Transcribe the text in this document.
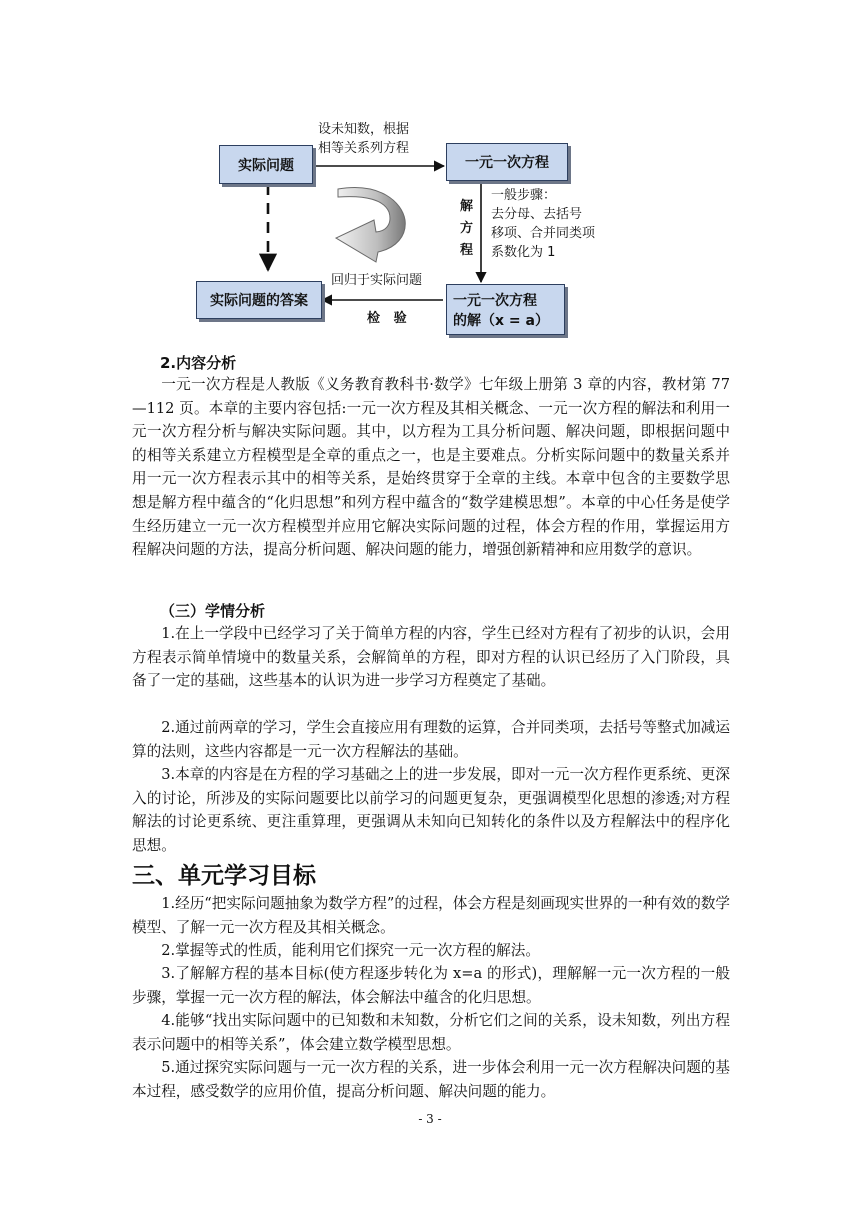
实际问题	一元一次方程
实际问题的答案	一元一次方程
的解（x = a）
设未知数，根据
相等关系列方程
解
方
程
一般步骤：
去分母、去括号
移项、合并同类项
系数化为 1
回归于实际问题
检   验
2.内容分析

一元一次方程是人教版《义务教育教科书·数学》七年级上册第 3 章的内容，教材第 77—112 页。本章的主要内容包括:一元一次方程及其相关概念、一元一次方程的解法和利用一元一次方程分析与解决实际问题。其中，以方程为工具分析问题、解决问题，即根据问题中的相等关系建立方程模型是全章的重点之一，也是主要难点。分析实际问题中的数量关系并用一元一次方程表示其中的相等关系，是始终贯穿于全章的主线。本章中包含的主要数学思想是解方程中蕴含的“化归思想”和列方程中蕴含的“数学建模思想”。本章的中心任务是使学生经历建立一元一次方程模型并应用它解决实际问题的过程，体会方程的作用，掌握运用方程解决问题的方法，提高分析问题、解决问题的能力，增强创新精神和应用数学的意识。

（三）学情分析

1.在上一学段中已经学习了关于简单方程的内容，学生已经对方程有了初步的认识，会用方程表示简单情境中的数量关系，会解简单的方程，即对方程的认识已经历了入门阶段，具备了一定的基础，这些基本的认识为进一步学习方程奠定了基础。

2.通过前两章的学习，学生会直接应用有理数的运算，合并同类项，去括号等整式加减运算的法则，这些内容都是一元一次方程解法的基础。

3.本章的内容是在方程的学习基础之上的进一步发展，即对一元一次方程作更系统、更深入的讨论，所涉及的实际问题要比以前学习的问题更复杂，更强调模型化思想的渗透;对方程解法的讨论更系统、更注重算理，更强调从未知向已知转化的条件以及方程解法中的程序化思想。

三、单元学习目标

1.经历“把实际问题抽象为数学方程”的过程，体会方程是刻画现实世界的一种有效的数学模型、了解一元一次方程及其相关概念。

2.掌握等式的性质，能利用它们探究一元一次方程的解法。

3.了解解方程的基本目标(使方程逐步转化为 x=a 的形式)，理解解一元一次方程的一般步骤，掌握一元一次方程的解法，体会解法中蕴含的化归思想。

4.能够“找出实际问题中的已知数和未知数，分析它们之间的关系，设未知数，列出方程表示问题中的相等关系”，体会建立数学模型思想。

5.通过探究实际问题与一元一次方程的关系，进一步体会利用一元一次方程解决问题的基本过程，感受数学的应用价值，提高分析问题、解决问题的能力。

- 3 -
